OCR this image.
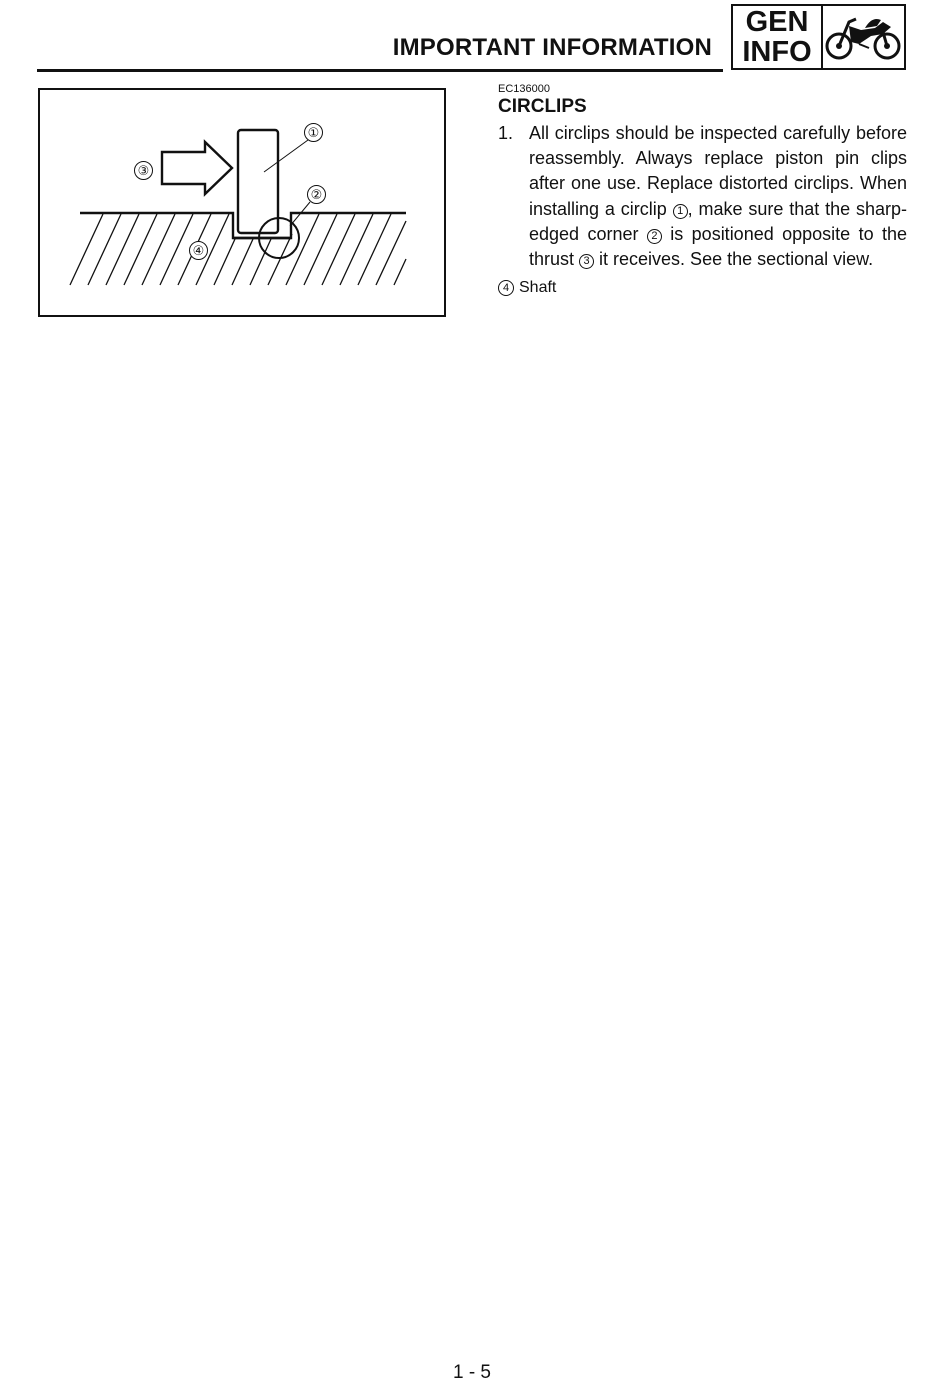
IMPORTANT INFORMATION
GEN
INFO
①
②
③
④
EC136000
CIRCLIPS
1. All circlips should be inspected carefully before reassembly. Always replace piston pin clips after one use. Replace distorted circlips. When installing a circlip 1 , make sure that the sharp-edged corner 2 is positioned opposite to the thrust 3 it receives. See the sectional view.
4 Shaft
1 - 5
